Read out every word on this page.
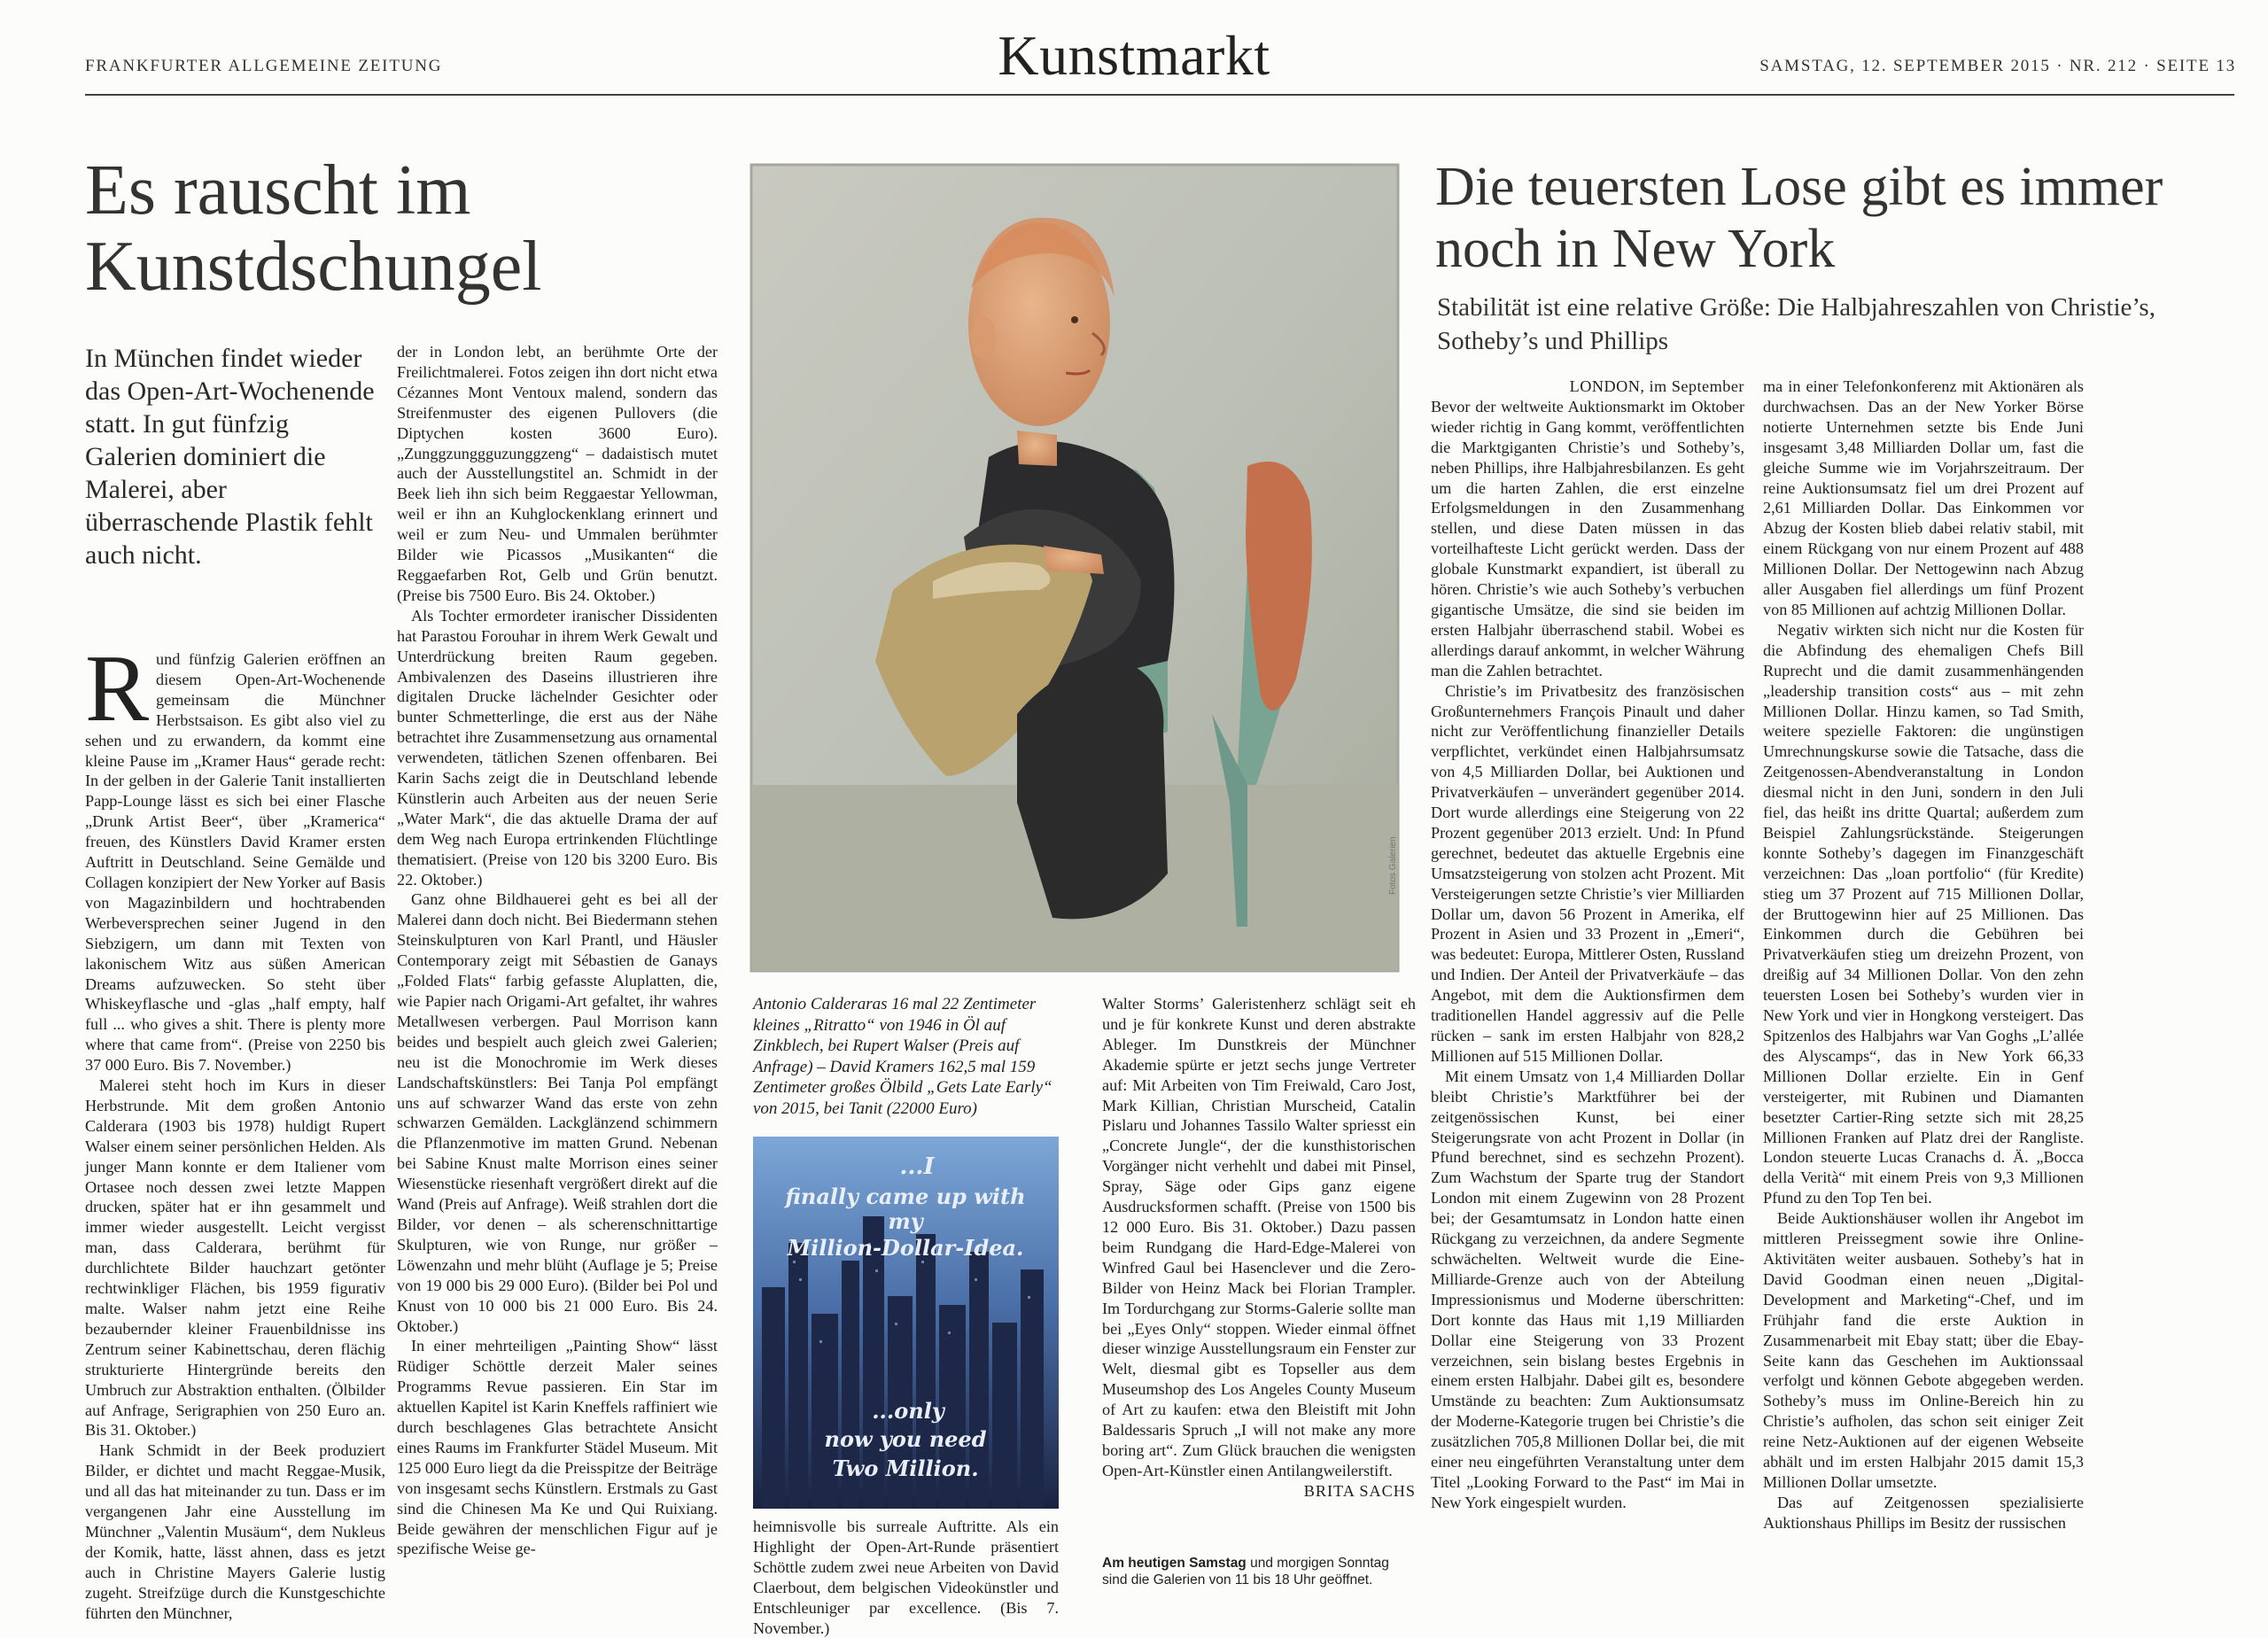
FRANKFURTER ALLGEMEINE ZEITUNG	Kunstmarkt	SAMSTAG, 12. SEPTEMBER 2015 · NR. 212 · SEITE 13
Es rauscht im Kunstdschungel
In München findet wieder das Open-Art-Wochenende statt. In gut fünfzig Galerien dominiert die Malerei, aber überraschende Plastik fehlt auch nicht.
R und fünfzig Galerien eröffnen an diesem Open-Art-Wochenende gemeinsam die Münchner Herbstsaison. Es gibt also viel zu sehen und zu erwandern, da kommt eine kleine Pause im „Kramer Haus“ gerade recht: In der gelben in der Galerie Tanit installierten Papp-Lounge lässt es sich bei einer Flasche „Drunk Artist Beer“, über „Kramerica“ freuen, des Künstlers David Kramer ersten Auftritt in Deutschland. Seine Gemälde und Collagen konzipiert der New Yorker auf Basis von Magazinbildern und hochtrabenden Werbeversprechen seiner Jugend in den Siebzigern, um dann mit Texten von lakonischem Witz aus süßen American Dreams aufzuwecken. So steht über Whiskeyflasche und -glas „half empty, half full ... who gives a shit. There is plenty more where that came from“. (Preise von 2250 bis 37 000 Euro. Bis 7. November.)

Malerei steht hoch im Kurs in dieser Herbstrunde. Mit dem großen Antonio Calderara (1903 bis 1978) huldigt Rupert Walser einem seiner persönlichen Helden. Als junger Mann konnte er dem Italiener vom Ortasee noch dessen zwei letzte Mappen drucken, später hat er ihn gesammelt und immer wieder ausgestellt. Leicht vergisst man, dass Calderara, berühmt für durchlichtete Bilder hauchzart getönter rechtwinkliger Flächen, bis 1959 figurativ malte. Walser nahm jetzt eine Reihe bezaubernder kleiner Frauenbildnisse ins Zentrum seiner Kabinettschau, deren flächig strukturierte Hintergründe bereits den Umbruch zur Abstraktion enthalten. (Ölbilder auf Anfrage, Serigraphien von 250 Euro an. Bis 31. Oktober.)

Hank Schmidt in der Beek produziert Bilder, er dichtet und macht Reggae-Musik, und all das hat miteinander zu tun. Dass er im vergangenen Jahr eine Ausstellung im Münchner „Valentin Musäum“, dem Nukleus der Komik, hatte, lässt ahnen, dass es jetzt auch in Christine Mayers Galerie lustig zugeht. Streifzüge durch die Kunstgeschichte führten den Münchner,

der in London lebt, an berühmte Orte der Freilichtmalerei. Fotos zeigen ihn dort nicht etwa Cézannes Mont Ventoux malend, sondern das Streifenmuster des eigenen Pullovers (die Diptychen kosten 3600 Euro). „Zunggzunggguzunggzeng“ – dadaistisch mutet auch der Ausstellungstitel an. Schmidt in der Beek lieh ihn sich beim Reggaestar Yellowman, weil er ihn an Kuhglockenklang erinnert und weil er zum Neu- und Ummalen berühmter Bilder wie Picassos „Musikanten“ die Reggaefarben Rot, Gelb und Grün benutzt. (Preise bis 7500 Euro. Bis 24. Oktober.)

Als Tochter ermordeter iranischer Dissidenten hat Parastou Forouhar in ihrem Werk Gewalt und Unterdrückung breiten Raum gegeben. Ambivalenzen des Daseins illustrieren ihre digitalen Drucke lächelnder Gesichter oder bunter Schmetterlinge, die erst aus der Nähe betrachtet ihre Zusammensetzung aus ornamental verwendeten, tätlichen Szenen offenbaren. Bei Karin Sachs zeigt die in Deutschland lebende Künstlerin auch Arbeiten aus der neuen Serie „Water Mark“, die das aktuelle Drama der auf dem Weg nach Europa ertrinkenden Flüchtlinge thematisiert. (Preise von 120 bis 3200 Euro. Bis 22. Oktober.)

Ganz ohne Bildhauerei geht es bei all der Malerei dann doch nicht. Bei Biedermann stehen Steinskulpturen von Karl Prantl, und Häusler Contemporary zeigt mit Sébastien de Ganays „Folded Flats“ farbig gefasste Aluplatten, die, wie Papier nach Origami-Art gefaltet, ihr wahres Metallwesen verbergen. Paul Morrison kann beides und bespielt auch gleich zwei Galerien; neu ist die Monochromie im Werk dieses Landschaftskünstlers: Bei Tanja Pol empfängt uns auf schwarzer Wand das erste von zehn schwarzen Gemälden. Lackglänzend schimmern die Pflanzenmotive im matten Grund. Nebenan bei Sabine Knust malte Morrison eines seiner Wiesenstücke riesenhaft vergrößert direkt auf die Wand (Preis auf Anfrage). Weiß strahlen dort die Bilder, vor denen – als scherenschnittartige Skulpturen, wie von Runge, nur größer – Löwenzahn und mehr blüht (Auflage je 5; Preise von 19 000 bis 29 000 Euro). (Bilder bei Pol und Knust von 10 000 bis 21 000 Euro. Bis 24. Oktober.)

In einer mehrteiligen „Painting Show“ lässt Rüdiger Schöttle derzeit Maler seines Programms Revue passieren. Ein Star im aktuellen Kapitel ist Karin Kneffels raffiniert wie durch beschlagenes Glas betrachtete Ansicht eines Raums im Frankfurter Städel Museum. Mit 125 000 Euro liegt da die Preisspitze der Beiträge von insgesamt sechs Künstlern. Erstmals zu Gast sind die Chinesen Ma Ke und Qui Ruixiang. Beide gewähren der menschlichen Figur auf je spezifische Weise ge-

Fotos Galerien
Antonio Calderaras 16 mal 22 Zentimeter kleines „Ritratto“ von 1946 in Öl auf Zinkblech, bei Rupert Walser (Preis auf Anfrage) – David Kramers 162,5 mal 159 Zentimeter großes Ölbild „Gets Late Early“ von 2015, bei Tanit (22000 Euro)
...I
finally came up with
my
Million-Dollar-Idea.
...only
now you need
Two Million.

heimnisvolle bis surreale Auftritte. Als ein Highlight der Open-Art-Runde präsentiert Schöttle zudem zwei neue Arbeiten von David Claerbout, dem belgischen Videokünstler und Entschleuniger par excellence. (Bis 7. November.)

Walter Storms’ Galeristenherz schlägt seit eh und je für konkrete Kunst und deren abstrakte Ableger. Im Dunstkreis der Münchner Akademie spürte er jetzt sechs junge Vertreter auf: Mit Arbeiten von Tim Freiwald, Caro Jost, Mark Killian, Christian Murscheid, Catalin Pislaru und Johannes Tassilo Walter spriesst ein „Concrete Jungle“, der die kunsthistorischen Vorgänger nicht verhehlt und dabei mit Pinsel, Spray, Säge oder Gips ganz eigene Ausdrucksformen schafft. (Preise von 1500 bis 12 000 Euro. Bis 31. Oktober.) Dazu passen beim Rundgang die Hard-Edge-Malerei von Winfred Gaul bei Hasenclever und die Zero-Bilder von Heinz Mack bei Florian Trampler. Im Tordurchgang zur Storms-Galerie sollte man bei „Eyes Only“ stoppen. Wieder einmal öffnet dieser winzige Ausstellungsraum ein Fenster zur Welt, diesmal gibt es Topseller aus dem Museumshop des Los Angeles County Museum of Art zu kaufen: etwa den Bleistift mit John Baldessaris Spruch „I will not make any more boring art“. Zum Glück brauchen die wenigsten Open-Art-Künstler einen Antilangweilerstift.

BRITA SACHS
Am heutigen Samstag und morgigen Sonntag sind die Galerien von 11 bis 18 Uhr geöffnet.
Die teuersten Lose gibt es immer noch in New York
Stabilität ist eine relative Größe: Die Halbjahreszahlen von Christie’s, Sotheby’s und Phillips
LONDON, im September

Bevor der weltweite Auktionsmarkt im Oktober wieder richtig in Gang kommt, veröffentlichten die Marktgiganten Christie’s und Sotheby’s, neben Phillips, ihre Halbjahresbilanzen. Es geht um die harten Zahlen, die erst einzelne Erfolgsmeldungen in den Zusammenhang stellen, und diese Daten müssen in das vorteilhafteste Licht gerückt werden. Dass der globale Kunstmarkt expandiert, ist überall zu hören. Christie’s wie auch Sotheby’s verbuchen gigantische Umsätze, die sind sie beiden im ersten Halbjahr überraschend stabil. Wobei es allerdings darauf ankommt, in welcher Währung man die Zahlen betrachtet.

Christie’s im Privatbesitz des französischen Großunternehmers François Pinault und daher nicht zur Veröffentlichung finanzieller Details verpflichtet, verkündet einen Halbjahrsumsatz von 4,5 Milliarden Dollar, bei Auktionen und Privatverkäufen – unverändert gegenüber 2014. Dort wurde allerdings eine Steigerung von 22 Prozent gegenüber 2013 erzielt. Und: In Pfund gerechnet, bedeutet das aktuelle Ergebnis eine Umsatzsteigerung von stolzen acht Prozent. Mit Versteigerungen setzte Christie’s vier Milliarden Dollar um, davon 56 Prozent in Amerika, elf Prozent in Asien und 33 Prozent in „Emeri“, was bedeutet: Europa, Mittlerer Osten, Russland und Indien. Der Anteil der Privatverkäufe – das Angebot, mit dem die Auktionsfirmen dem traditionellen Handel aggressiv auf die Pelle rücken – sank im ersten Halbjahr von 828,2 Millionen auf 515 Millionen Dollar.

Mit einem Umsatz von 1,4 Milliarden Dollar bleibt Christie’s Marktführer bei der zeitgenössischen Kunst, bei einer Steigerungsrate von acht Prozent in Dollar (in Pfund berechnet, sind es sechzehn Prozent). Zum Wachstum der Sparte trug der Standort London mit einem Zugewinn von 28 Prozent bei; der Gesamtumsatz in London hatte einen Rückgang zu verzeichnen, da andere Segmente schwächelten. Weltweit wurde die Eine-Milliarde-Grenze auch von der Abteilung Impressionismus und Moderne überschritten: Dort konnte das Haus mit 1,19 Milliarden Dollar eine Steigerung von 33 Prozent verzeichnen, sein bislang bestes Ergebnis in einem ersten Halbjahr. Dabei gilt es, besondere Umstände zu beachten: Zum Auktionsumsatz der Moderne-Kategorie trugen bei Christie’s die zusätzlichen 705,8 Millionen Dollar bei, die mit einer neu eingeführten Veranstaltung unter dem Titel „Looking Forward to the Past“ im Mai in New York eingespielt wurden.

ma in einer Telefonkonferenz mit Aktionären als durchwachsen. Das an der New Yorker Börse notierte Unternehmen setzte bis Ende Juni insgesamt 3,48 Milliarden Dollar um, fast die gleiche Summe wie im Vorjahrszeitraum. Der reine Auktionsumsatz fiel um drei Prozent auf 2,61 Milliarden Dollar. Das Einkommen vor Abzug der Kosten blieb dabei relativ stabil, mit einem Rückgang von nur einem Prozent auf 488 Millionen Dollar. Der Nettogewinn nach Abzug aller Ausgaben fiel allerdings um fünf Prozent von 85 Millionen auf achtzig Millionen Dollar.

Negativ wirkten sich nicht nur die Kosten für die Abfindung des ehemaligen Chefs Bill Ruprecht und die damit zusammenhängenden „leadership transition costs“ aus – mit zehn Millionen Dollar. Hinzu kamen, so Tad Smith, weitere spezielle Faktoren: die ungünstigen Umrechnungskurse sowie die Tatsache, dass die Zeitgenossen-Abendveranstaltung in London diesmal nicht in den Juni, sondern in den Juli fiel, das heißt ins dritte Quartal; außerdem zum Beispiel Zahlungsrückstände. Steigerungen konnte Sotheby’s dagegen im Finanzgeschäft verzeichnen: Das „loan portfolio“ (für Kredite) stieg um 37 Prozent auf 715 Millionen Dollar, der Bruttogewinn hier auf 25 Millionen. Das Einkommen durch die Gebühren bei Privatverkäufen stieg um dreizehn Prozent, von dreißig auf 34 Millionen Dollar. Von den zehn teuersten Losen bei Sotheby’s wurden vier in New York und vier in Hongkong versteigert. Das Spitzenlos des Halbjahrs war Van Goghs „L’allée des Alyscamps“, das in New York 66,33 Millionen Dollar erzielte. Ein in Genf versteigerter, mit Rubinen und Diamanten besetzter Cartier-Ring setzte sich mit 28,25 Millionen Franken auf Platz drei der Rangliste. London steuerte Lucas Cranachs d. Ä. „Bocca della Verità“ mit einem Preis von 9,3 Millionen Pfund zu den Top Ten bei.

Beide Auktionshäuser wollen ihr Angebot im mittleren Preissegment sowie ihre Online-Aktivitäten weiter ausbauen. Sotheby’s hat in David Goodman einen neuen „Digital-Development and Marketing“-Chef, und im Frühjahr fand die erste Auktion in Zusammenarbeit mit Ebay statt; über die Ebay-Seite kann das Geschehen im Auktionssaal verfolgt und können Gebote abgegeben werden. Sotheby’s muss im Online-Bereich hin zu Christie’s aufholen, das schon seit einiger Zeit reine Netz-Auktionen auf der eigenen Webseite abhält und im ersten Halbjahr 2015 damit 15,3 Millionen Dollar umsetzte.

Das auf Zeitgenossen spezialisierte Auktionshaus Phillips im Besitz der russischen
